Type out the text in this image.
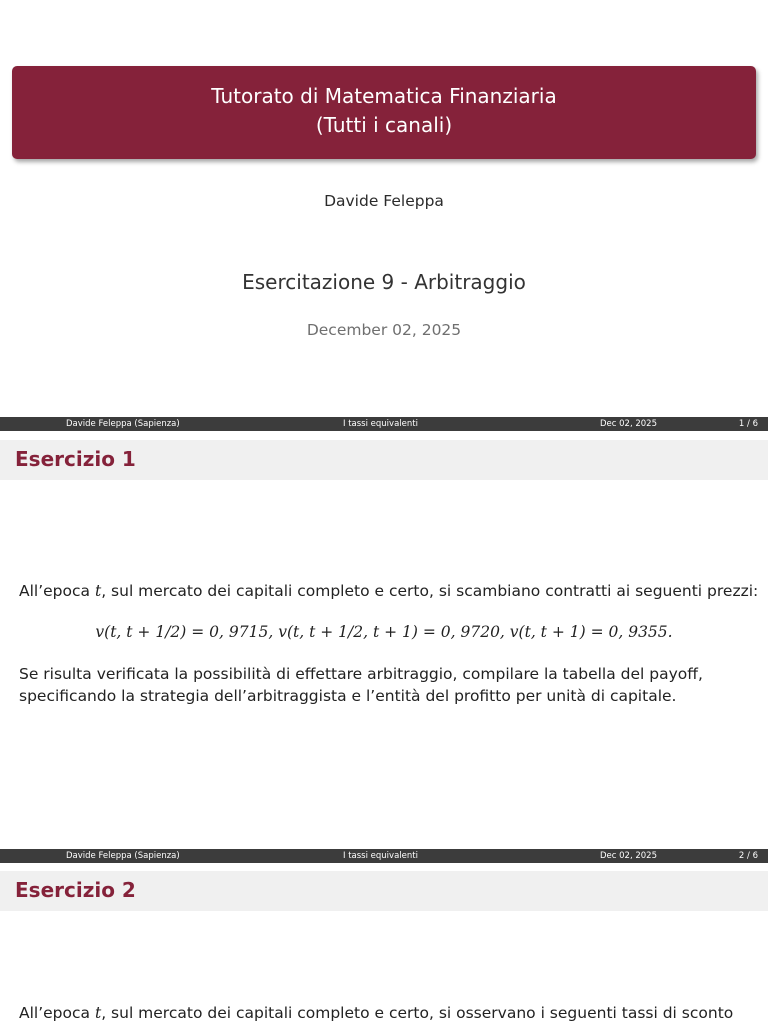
Tutorato di Matematica Finanziaria
(Tutti i canali)
Davide Feleppa
Esercitazione 9 - Arbitraggio
December 02, 2025
Davide Feleppa (Sapienza)	I tassi equivalenti	Dec 02, 2025	1 / 6
Esercizio 1
All’epoca t, sul mercato dei capitali completo e certo, si scambiano contratti ai seguenti prezzi:
v(t, t + 1/2) = 0, 9715, v(t, t + 1/2, t + 1) = 0, 9720, v(t, t + 1) = 0, 9355.
Se risulta verificata la possibilità di effettare arbitraggio, compilare la tabella del payoff, specificando la strategia dell’arbitraggista e l’entità del profitto per unità di capitale.
Davide Feleppa (Sapienza)	I tassi equivalenti	Dec 02, 2025	2 / 6
Esercizio 2
All’epoca t, sul mercato dei capitali completo e certo, si osservano i seguenti tassi di sconto
